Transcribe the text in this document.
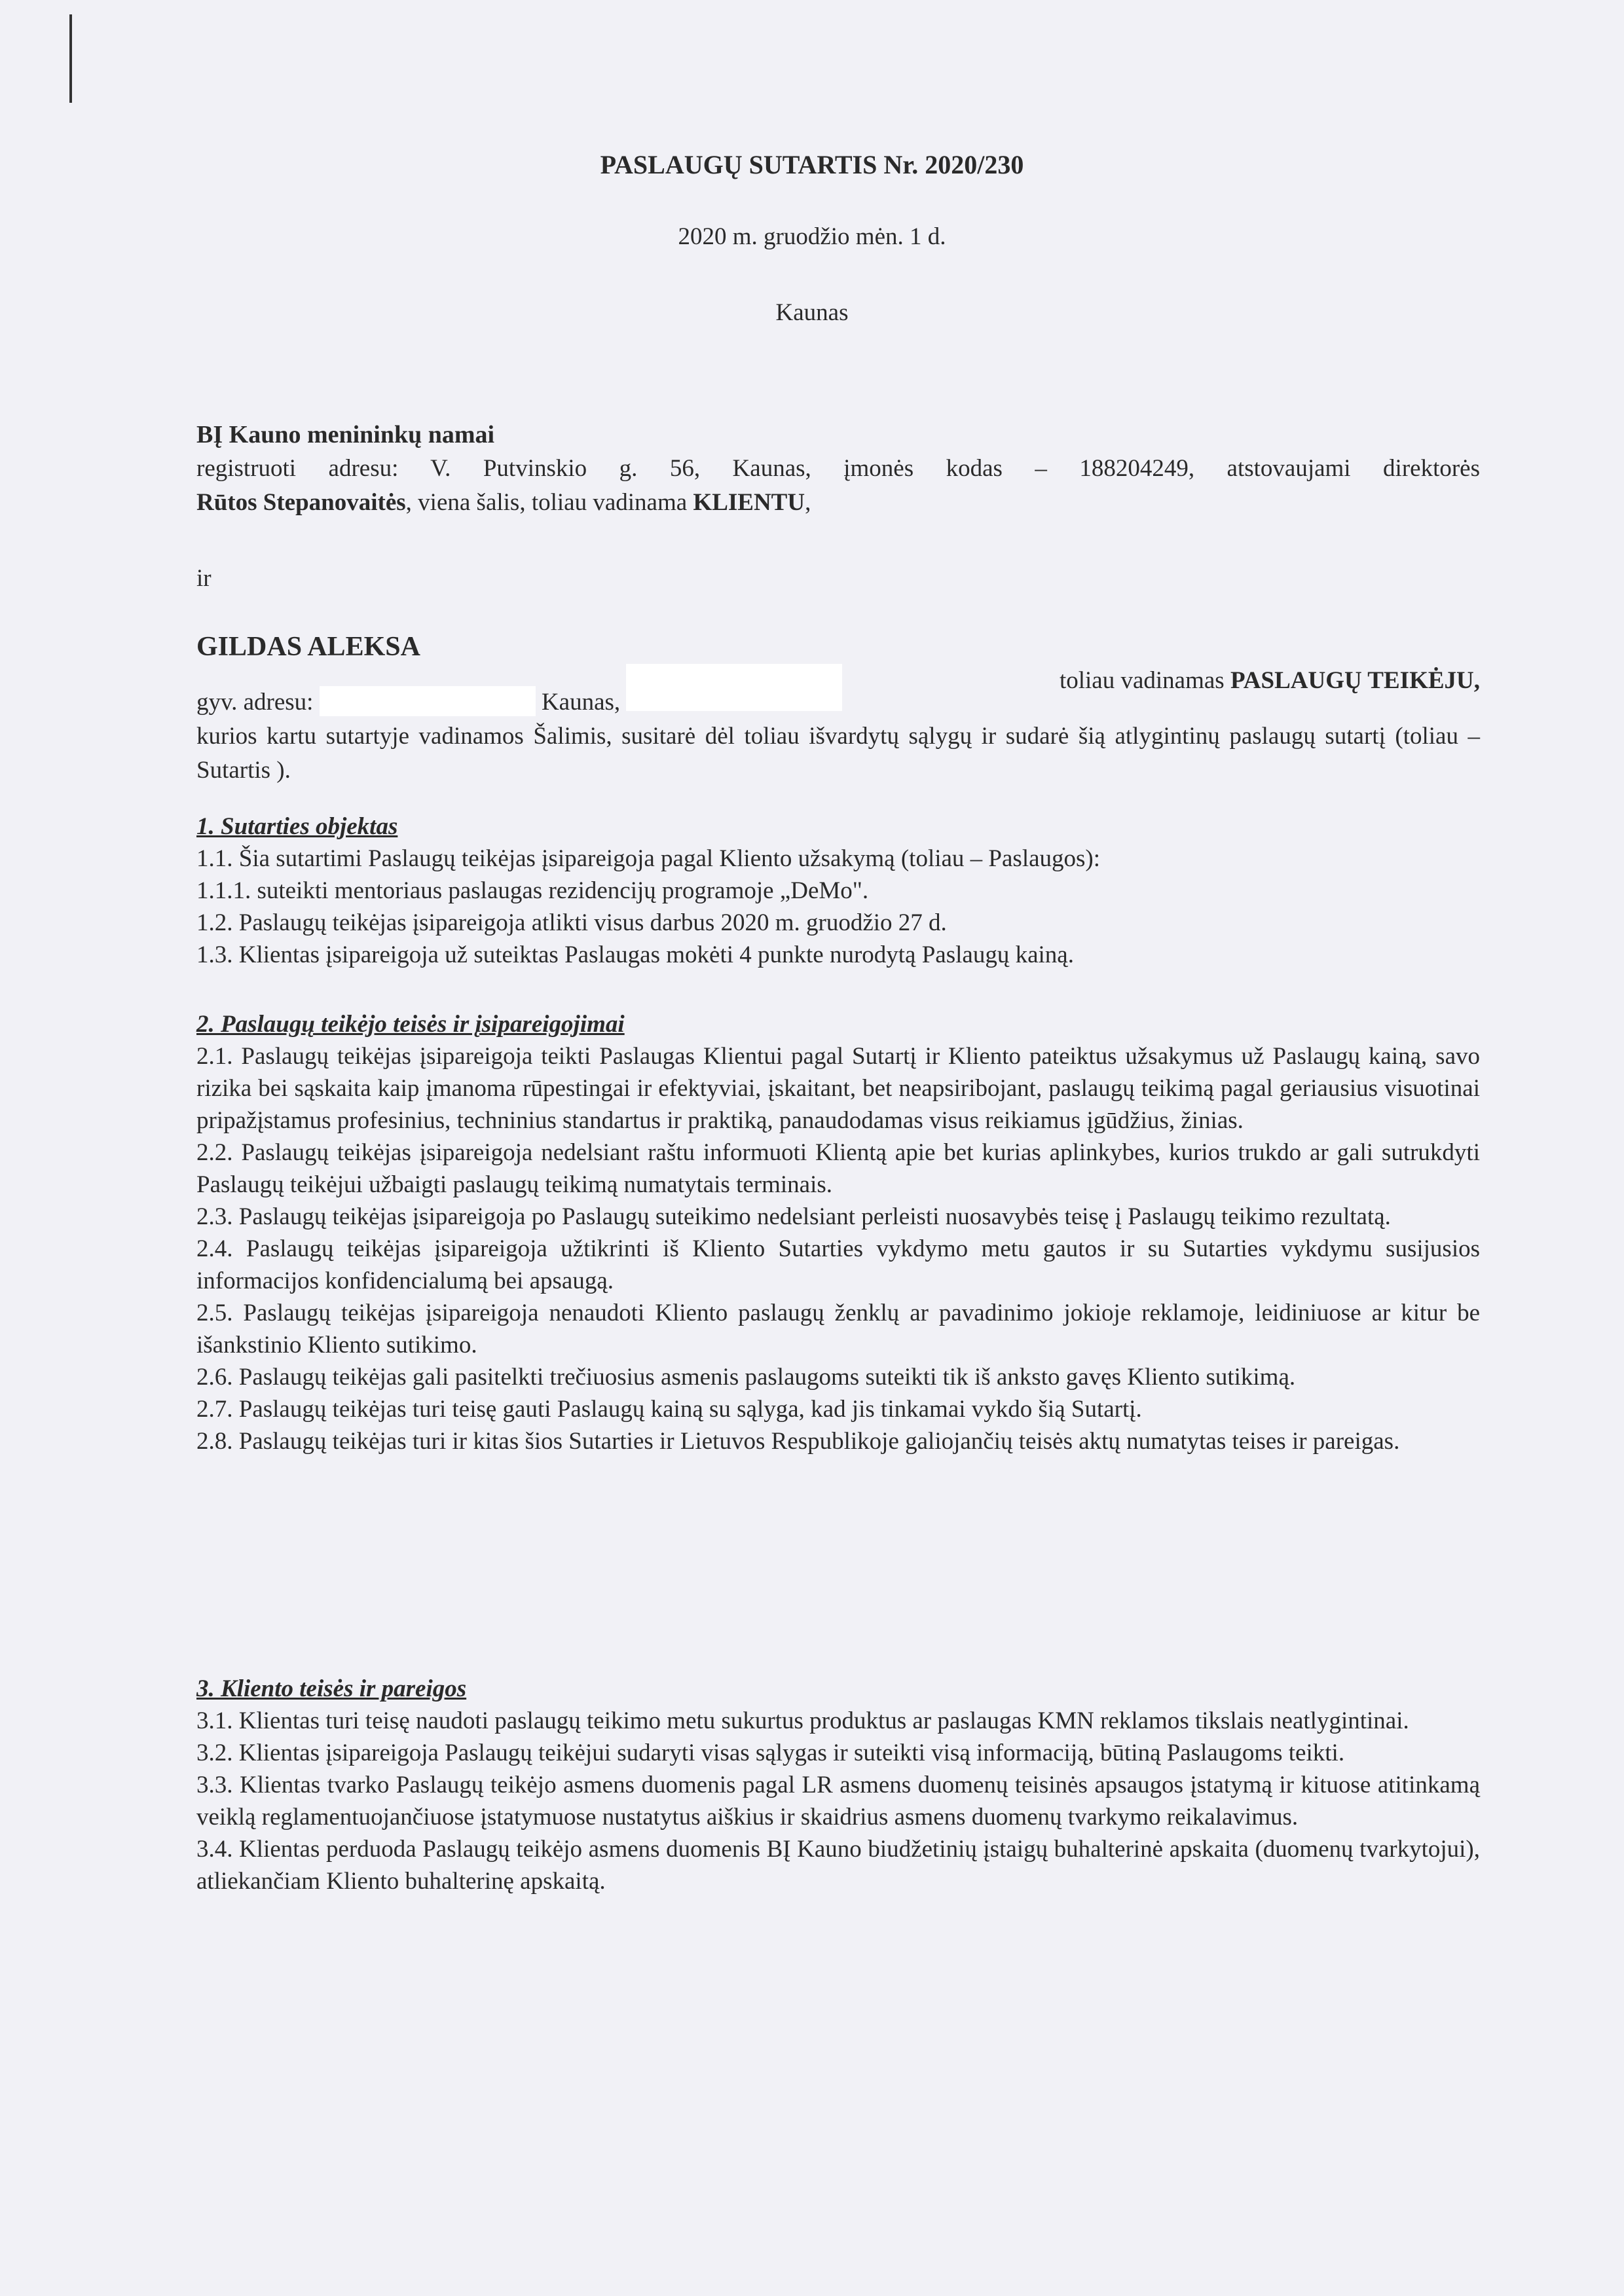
PASLAUGŲ SUTARTIS Nr. 2020/230
2020 m. gruodžio mėn. 1 d.
Kaunas
BĮ Kauno menininkų namai
registruoti adresu: V. Putvinskio g. 56, Kaunas, įmonės kodas – 188204249, atstovaujami direktorės
Rūtos Stepanovaitės, viena šalis, toliau vadinama KLIENTU,
ir
GILDAS ALEKSA
gyv. adresu:	Kaunas,
toliau vadinamas PASLAUGŲ TEIKĖJU,
kurios kartu sutartyje vadinamos Šalimis, susitarė dėl toliau išvardytų sąlygų ir sudarė šią atlygintinų paslaugų sutartį (toliau – Sutartis ).
1. Sutarties objektas

1.1. Šia sutartimi Paslaugų teikėjas įsipareigoja pagal Kliento užsakymą (toliau – Paslaugos):

1.1.1. suteikti mentoriaus paslaugas rezidencijų programoje „DeMo".

1.2. Paslaugų teikėjas įsipareigoja atlikti visus darbus 2020 m. gruodžio 27 d.

1.3. Klientas įsipareigoja už suteiktas Paslaugas mokėti 4 punkte nurodytą Paslaugų kainą.

2. Paslaugų teikėjo teisės ir įsipareigojimai

2.1. Paslaugų teikėjas įsipareigoja teikti Paslaugas Klientui pagal Sutartį ir Kliento pateiktus užsakymus už Paslaugų kainą, savo rizika bei sąskaita kaip įmanoma rūpestingai ir efektyviai, įskaitant, bet neapsiribojant, paslaugų teikimą pagal geriausius visuotinai pripažįstamus profesinius, techninius standartus ir praktiką, panaudodamas visus reikiamus įgūdžius, žinias.

2.2. Paslaugų teikėjas įsipareigoja nedelsiant raštu informuoti Klientą apie bet kurias aplinkybes, kurios trukdo ar gali sutrukdyti Paslaugų teikėjui užbaigti paslaugų teikimą numatytais terminais.

2.3. Paslaugų teikėjas įsipareigoja po Paslaugų suteikimo nedelsiant perleisti nuosavybės teisę į Paslaugų teikimo rezultatą.

2.4. Paslaugų teikėjas įsipareigoja užtikrinti iš Kliento Sutarties vykdymo metu gautos ir su Sutarties vykdymu susijusios informacijos konfidencialumą bei apsaugą.

2.5. Paslaugų teikėjas įsipareigoja nenaudoti Kliento paslaugų ženklų ar pavadinimo jokioje reklamoje, leidiniuose ar kitur be išankstinio Kliento sutikimo.

2.6. Paslaugų teikėjas gali pasitelkti trečiuosius asmenis paslaugoms suteikti tik iš anksto gavęs Kliento sutikimą.

2.7. Paslaugų teikėjas turi teisę gauti Paslaugų kainą su sąlyga, kad jis tinkamai vykdo šią Sutartį.

2.8. Paslaugų teikėjas turi ir kitas šios Sutarties ir Lietuvos Respublikoje galiojančių teisės aktų numatytas teises ir pareigas.

3. Kliento teisės ir pareigos

3.1. Klientas turi teisę naudoti paslaugų teikimo metu sukurtus produktus ar paslaugas KMN reklamos tikslais neatlygintinai.

3.2. Klientas įsipareigoja Paslaugų teikėjui sudaryti visas sąlygas ir suteikti visą informaciją, būtiną Paslaugoms teikti.

3.3. Klientas tvarko Paslaugų teikėjo asmens duomenis pagal LR asmens duomenų teisinės apsaugos įstatymą ir kituose atitinkamą veiklą reglamentuojančiuose įstatymuose nustatytus aiškius ir skaidrius asmens duomenų tvarkymo reikalavimus.

3.4. Klientas perduoda Paslaugų teikėjo asmens duomenis BĮ Kauno biudžetinių įstaigų buhalterinė apskaita (duomenų tvarkytojui), atliekančiam Kliento buhalterinę apskaitą.
